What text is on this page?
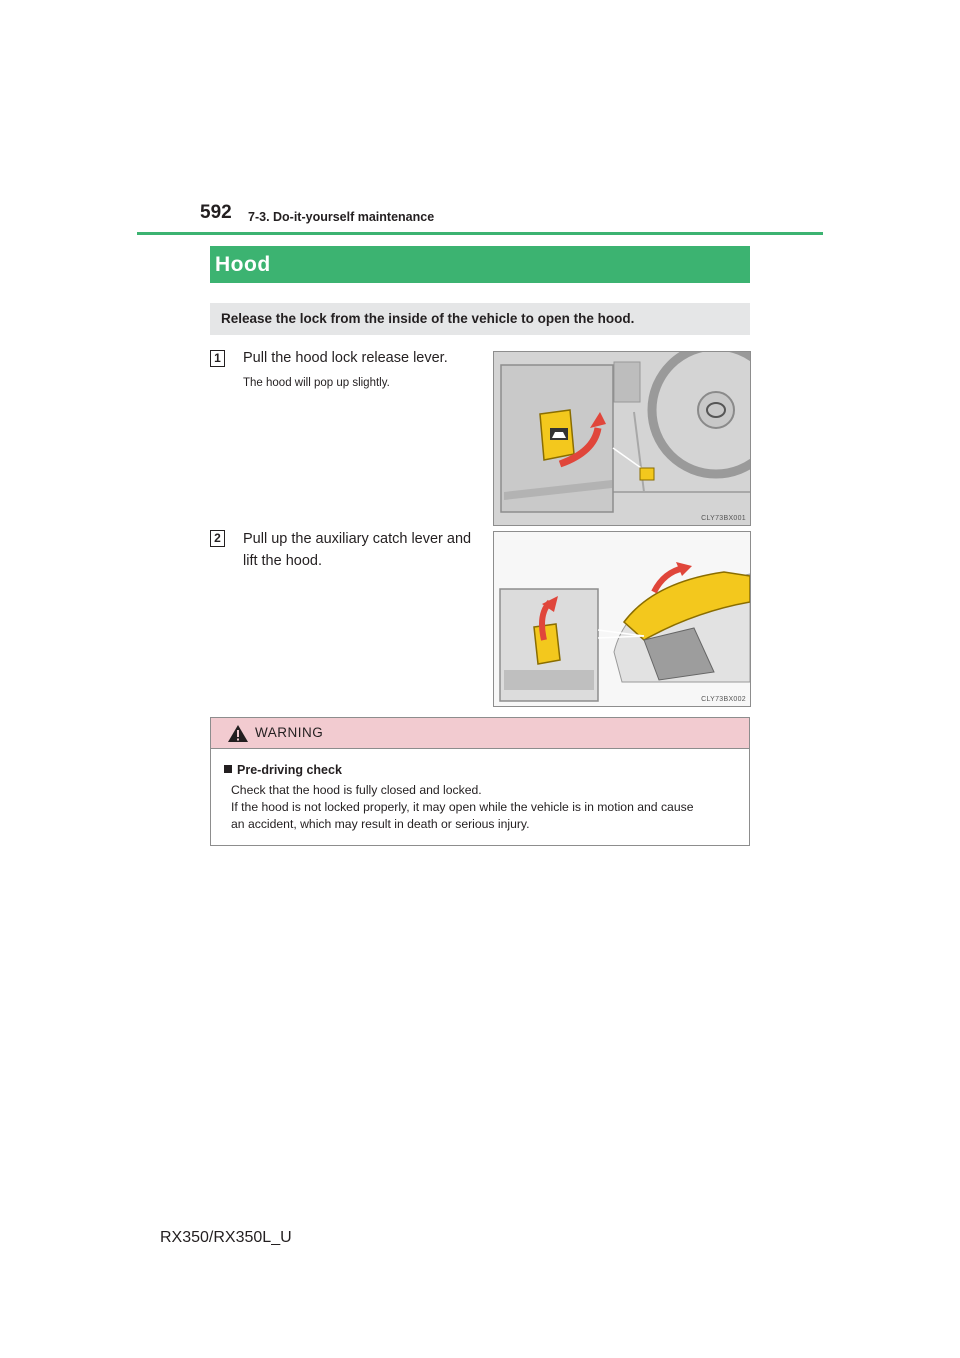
592 7-3. Do-it-yourself maintenance
Hood
Release the lock from the inside of the vehicle to open the hood.
1 Pull the hood lock release lever.
The hood will pop up slightly.
CLY73BX001
2 Pull up the auxiliary catch lever and
lift the hood.
CLY73BX002
WARNING
Pre-driving check
Check that the hood is fully closed and locked.
If the hood is not locked properly, it may open while the vehicle is in motion and cause
an accident, which may result in death or serious injury.
RX350/RX350L_U
